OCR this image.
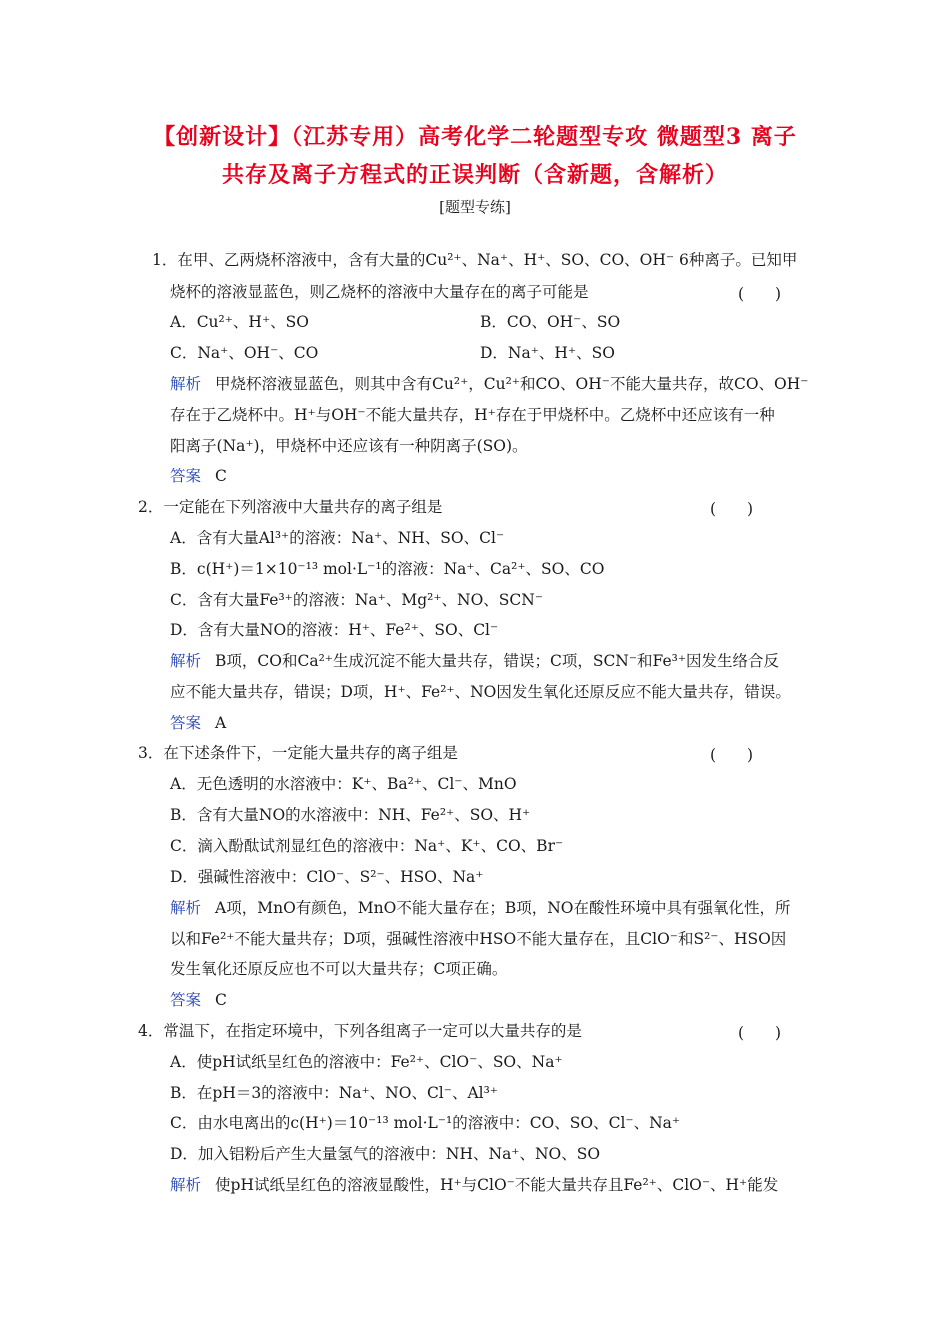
【创新设计】（江苏专用）高考化学二轮题型专攻 微题型3 离子
共存及离子方程式的正误判断（含新题，含解析）
[题型专练]
1．在甲、乙两烧杯溶液中，含有大量的Cu²⁺、Na⁺、H⁺、SO、CO、OH⁻ 6种离子。已知甲
烧杯的溶液显蓝色，则乙烧杯的溶液中大量存在的离子可能是	(　　)
A．Cu²⁺、H⁺、SO	B．CO、OH⁻、SO
C．Na⁺、OH⁻、CO	D．Na⁺、H⁺、SO
解析 甲烧杯溶液显蓝色，则其中含有Cu²⁺，Cu²⁺和CO、OH⁻不能大量共存，故CO、OH⁻
存在于乙烧杯中。H⁺与OH⁻不能大量共存，H⁺存在于甲烧杯中。乙烧杯中还应该有一种
阳离子(Na⁺)，甲烧杯中还应该有一种阴离子(SO)。
答案 C
2．一定能在下列溶液中大量共存的离子组是	(　　)
A．含有大量Al³⁺的溶液：Na⁺、NH、SO、Cl⁻
B．c(H⁺)＝1×10⁻¹³ mol·L⁻¹的溶液：Na⁺、Ca²⁺、SO、CO
C．含有大量Fe³⁺的溶液：Na⁺、Mg²⁺、NO、SCN⁻
D．含有大量NO的溶液：H⁺、Fe²⁺、SO、Cl⁻
解析 B项，CO和Ca²⁺生成沉淀不能大量共存，错误；C项，SCN⁻和Fe³⁺因发生络合反
应不能大量共存，错误；D项，H⁺、Fe²⁺、NO因发生氧化还原反应不能大量共存，错误。
答案 A
3．在下述条件下，一定能大量共存的离子组是	(　　)
A．无色透明的水溶液中：K⁺、Ba²⁺、Cl⁻、MnO
B．含有大量NO的水溶液中：NH、Fe²⁺、SO、H⁺
C．滴入酚酞试剂显红色的溶液中：Na⁺、K⁺、CO、Br⁻
D．强碱性溶液中：ClO⁻、S²⁻、HSO、Na⁺
解析 A项，MnO有颜色，MnO不能大量存在；B项，NO在酸性环境中具有强氧化性，所
以和Fe²⁺不能大量共存；D项，强碱性溶液中HSO不能大量存在，且ClO⁻和S²⁻、HSO因
发生氧化还原反应也不可以大量共存；C项正确。
答案 C
4．常温下，在指定环境中，下列各组离子一定可以大量共存的是	(　　)
A．使pH试纸呈红色的溶液中：Fe²⁺、ClO⁻、SO、Na⁺
B．在pH＝3的溶液中：Na⁺、NO、Cl⁻、Al³⁺
C．由水电离出的c(H⁺)＝10⁻¹³ mol·L⁻¹的溶液中：CO、SO、Cl⁻、Na⁺
D．加入铝粉后产生大量氢气的溶液中：NH、Na⁺、NO、SO
解析 使pH试纸呈红色的溶液显酸性，H⁺与ClO⁻不能大量共存且Fe²⁺、ClO⁻、H⁺能发
